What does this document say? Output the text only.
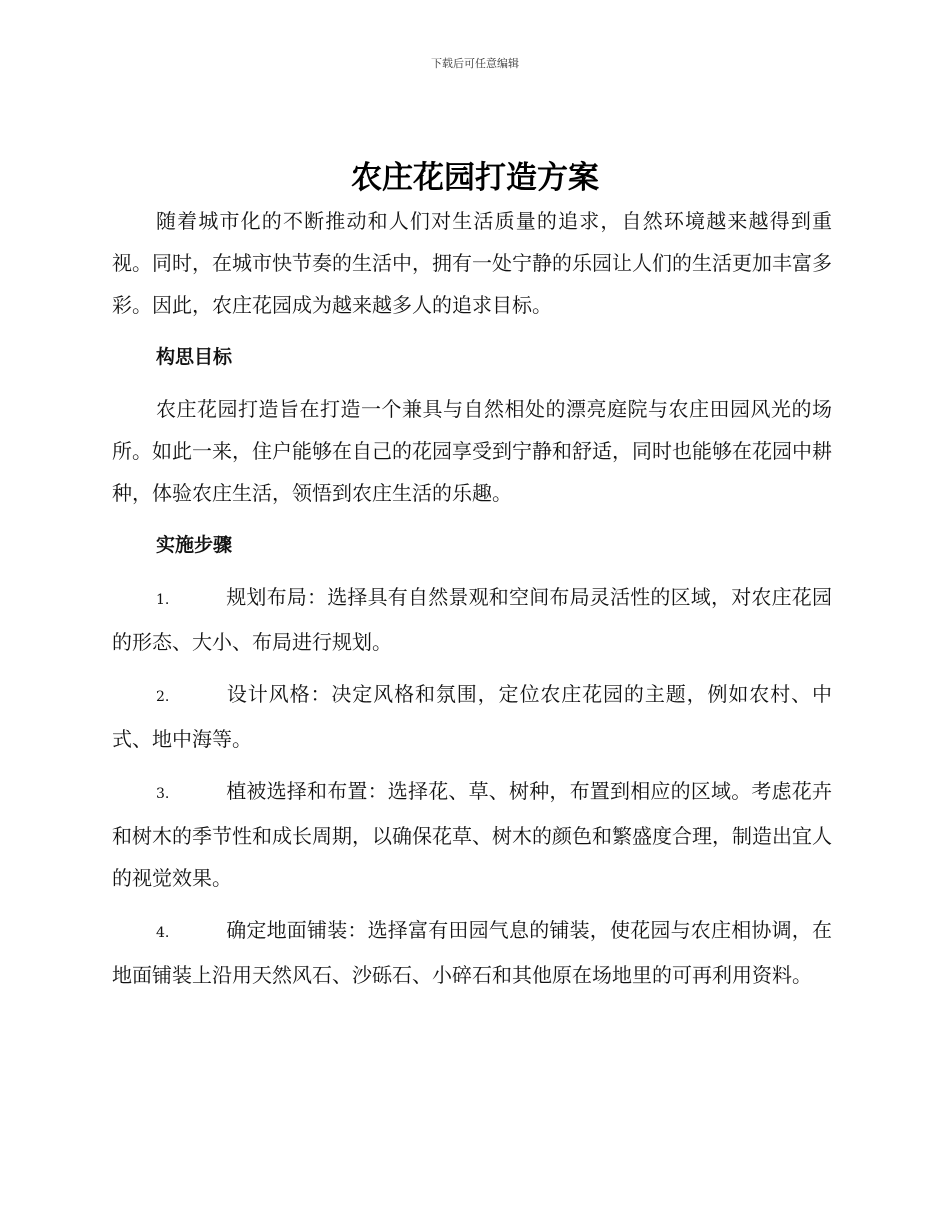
下载后可任意编辑
农庄花园打造方案

随着城市化的不断推动和人们对生活质量的追求，自然环境越来越得到重视。同时，在城市快节奏的生活中，拥有一处宁静的乐园让人们的生活更加丰富多彩。因此，农庄花园成为越来越多人的追求目标。

构思目标

农庄花园打造旨在打造一个兼具与自然相处的漂亮庭院与农庄田园风光的场所。如此一来，住户能够在自己的花园享受到宁静和舒适，同时也能够在花园中耕种，体验农庄生活，领悟到农庄生活的乐趣。

实施步骤
1.	规划布局：选择具有自然景观和空间布局灵活性的区域，对农庄花园的形态、大小、布局进行规划。
2.	设计风格：决定风格和氛围，定位农庄花园的主题，例如农村、中式、地中海等。
3.	植被选择和布置：选择花、草、树种，布置到相应的区域。考虑花卉和树木的季节性和成长周期，以确保花草、树木的颜色和繁盛度合理，制造出宜人的视觉效果。
4.	确定地面铺装：选择富有田园气息的铺装，使花园与农庄相协调，在地面铺装上沿用天然风石、沙砾石、小碎石和其他原在场地里的可再利用资料。
